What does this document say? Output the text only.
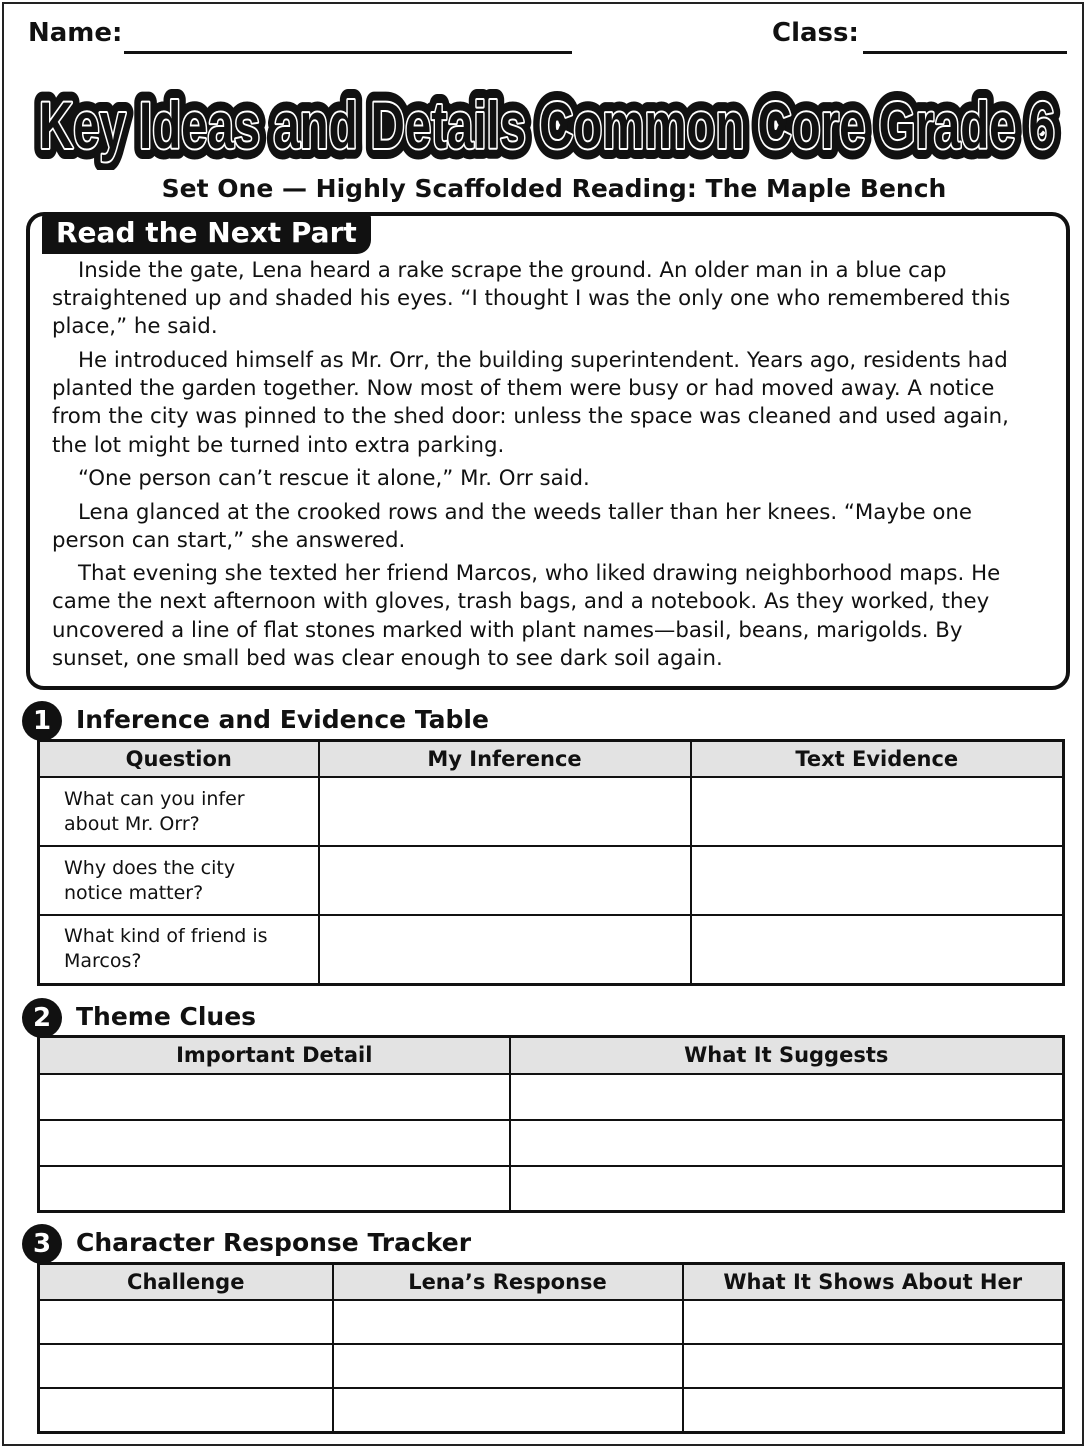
Name:	Class:
Key Ideas and Details Common Core Grade 6
Key Ideas and Details Common Core Grade 6
Set One — Highly Scaffolded Reading: The Maple Bench
Read the Next Part

Inside the gate, Lena heard a rake scrape the ground. An older man in a blue cap straightened up and shaded his eyes. “I thought I was the only one who remembered this place,” he said.

He introduced himself as Mr. Orr, the building superintendent. Years ago, residents had planted the garden together. Now most of them were busy or had moved away. A notice from the city was pinned to the shed door: unless the space was cleaned and used again, the lot might be turned into extra parking.

“One person can’t rescue it alone,” Mr. Orr said.

Lena glanced at the crooked rows and the weeds taller than her knees. “Maybe one person can start,” she answered.

That evening she texted her friend Marcos, who liked drawing neighborhood maps. He came the next afternoon with gloves, trash bags, and a notebook. As they worked, they uncovered a line of flat stones marked with plant names—basil, beans, marigolds. By sunset, one small bed was clear enough to see dark soil again.

1 Inference and Evidence Table
Question	My Inference	Text Evidence
What can you infer about Mr. Orr?		
Why does the city notice matter?		
What kind of friend is Marcos?		
2 Theme Clues
Important Detail	What It Suggests

3 Character Response Tracker
Challenge	Lena’s Response	What It Shows About Her
